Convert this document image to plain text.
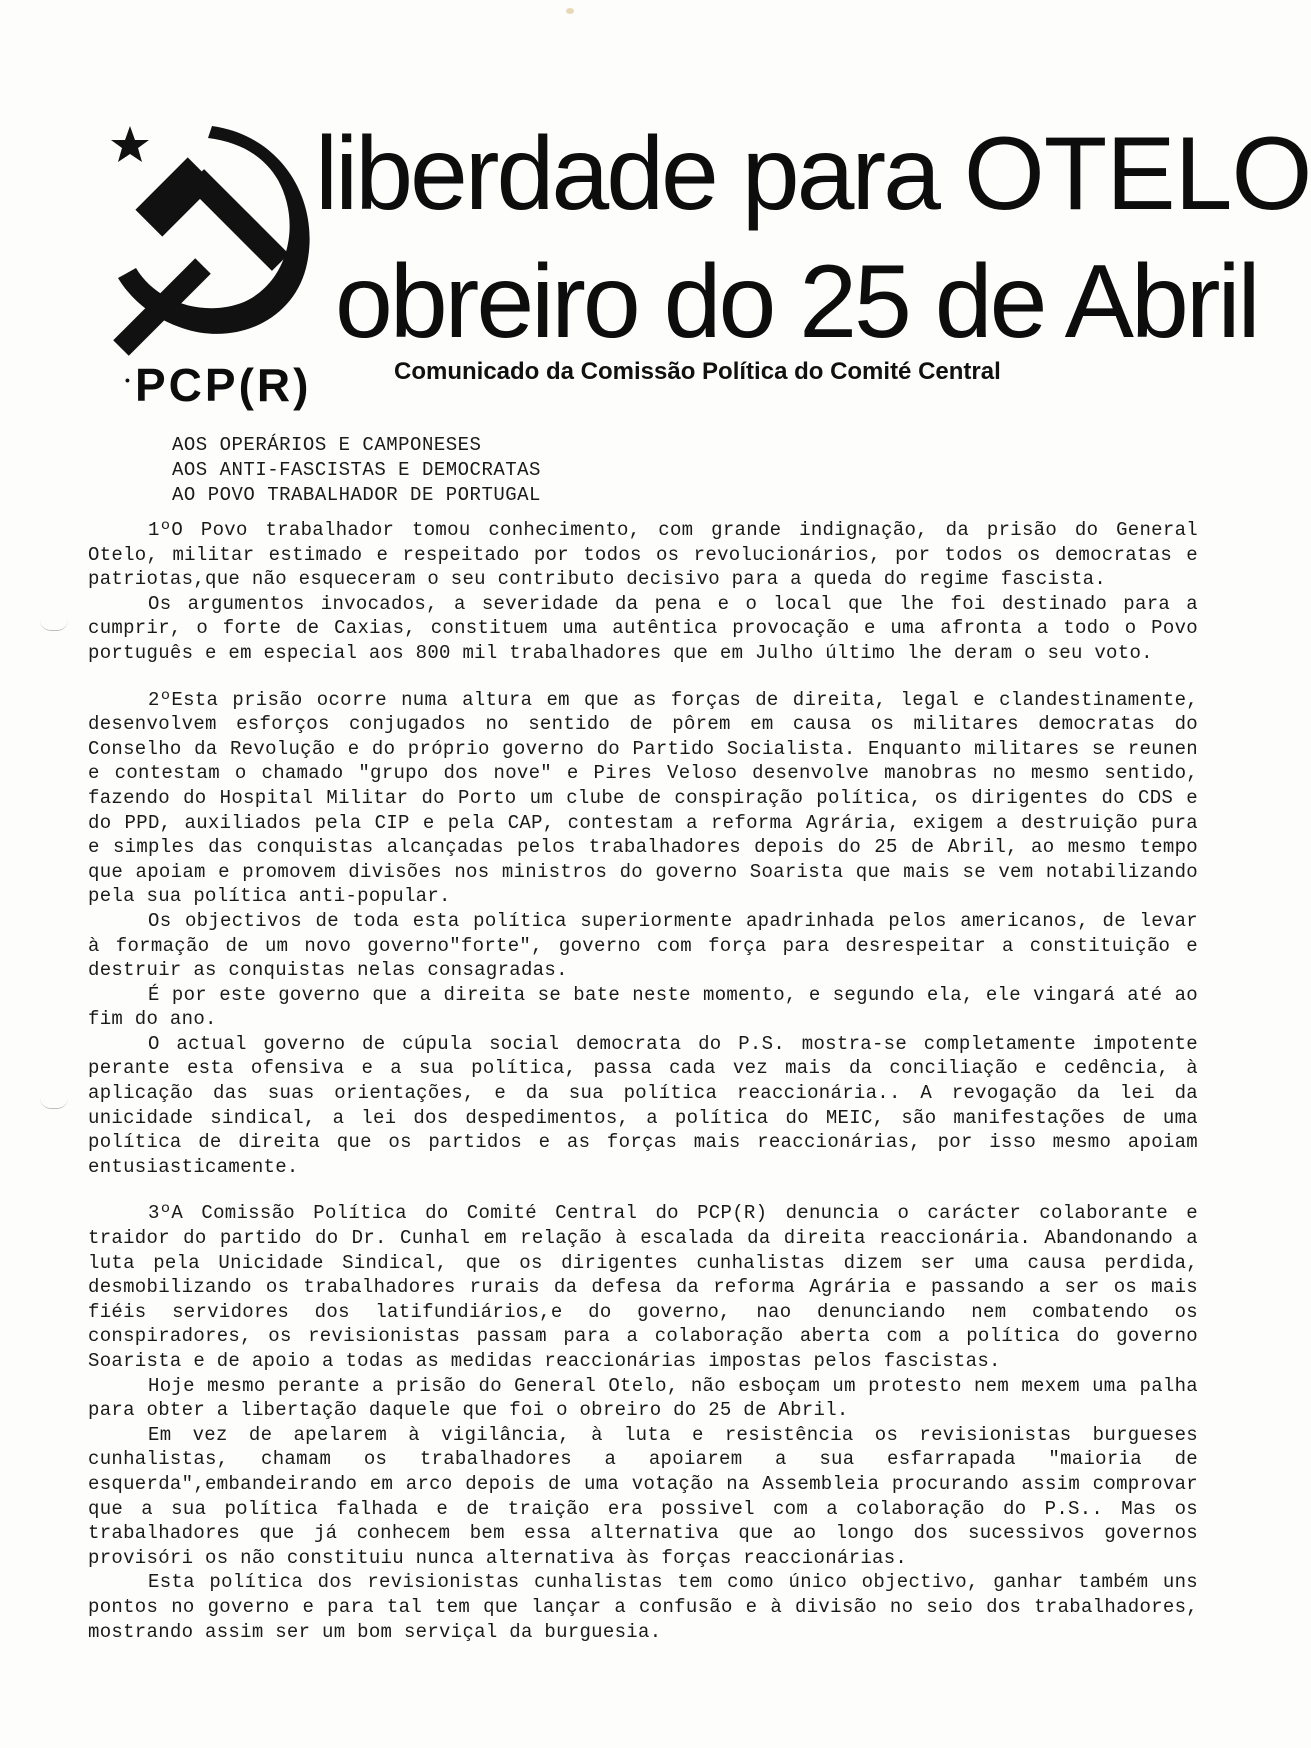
liberdade para OTELO
obreiro do 25 de Abril
• PCP(R)	Comunicado da Comissão Política do Comité Central
AOS OPERÁRIOS E CAMPONESES
AOS ANTI-FASCISTAS E DEMOCRATAS
AO POVO TRABALHADOR DE PORTUGAL

1ºO Povo trabalhador tomou conhecimento, com grande indignação, da prisão do General Otelo, militar estimado e respeitado por todos os revolucionários, por todos os democratas e patriotas,que não esqueceram o seu contributo decisivo para a queda do regime fascista.

Os argumentos invocados, a severidade da pena e o local que lhe foi destinado para a cumprir, o forte de Caxias, constituem uma autêntica provocação e uma afronta a todo o Povo português e em especial aos 800 mil trabalhadores que em Julho último lhe deram o seu voto.

2ºEsta prisão ocorre numa altura em que as forças de direita, legal e clandestinamente, desenvolvem esforços conjugados no sentido de pôrem em causa os militares democratas do Conselho da Revolução e do próprio governo do Partido Socialista. Enquanto militares se reunen e contestam o chamado "grupo dos nove" e Pires Veloso desenvolve manobras no mesmo sentido, fazendo do Hospital Militar do Porto um clube de conspiração política, os dirigentes do CDS e do PPD, auxiliados pela CIP e pela CAP, contestam a reforma Agrária, exigem a destruição pura e simples das conquistas alcançadas pelos trabalhadores depois do 25 de Abril, ao mesmo tempo que apoiam e promovem divisões nos ministros do governo Soarista que mais se vem notabilizando pela sua política anti-popular.

Os objectivos de toda esta política superiormente apadrinhada pelos americanos, de levar à formação de um novo governo"forte", governo com força para desrespeitar a constituição e destruir as conquistas nelas consagradas.

É por este governo que a direita se bate neste momento, e segundo ela, ele vingará até ao fim do ano.

O actual governo de cúpula social democrata do P.S. mostra-se completamente impotente perante esta ofensiva e a sua política, passa cada vez mais da conciliação e cedência, à aplicação das suas orientações, e da sua política reaccionária.. A revogação da lei da unicidade sindical, a lei dos despedimentos, a política do MEIC, são manifestações de uma política de direita que os partidos e as forças mais reaccionárias, por isso mesmo apoiam entusiasticamente.

3ºA Comissão Política do Comité Central do PCP(R) denuncia o carácter colaborante e traidor do partido do Dr. Cunhal em relação à escalada da direita reaccionária. Abandonando a luta pela Unicidade Sindical, que os dirigentes cunhalistas dizem ser uma causa perdida, desmobilizando os trabalhadores rurais da defesa da reforma Agrária e passando a ser os mais fiéis servidores dos latifundiários,e do governo, nao denunciando nem combatendo os conspiradores, os revisionistas passam para a colaboração aberta com a política do governo Soarista e de apoio a todas as medidas reaccionárias impostas pelos fascistas.

Hoje mesmo perante a prisão do General Otelo, não esboçam um protesto nem mexem uma palha para obter a libertação daquele que foi o obreiro do 25 de Abril.

Em vez de apelarem à vigilância, à luta e resistência os revisionistas burgueses cunhalistas, chamam os trabalhadores a apoiarem a sua esfarrapada "maioria de esquerda",embandeirando em arco depois de uma votação na Assembleia procurando assim comprovar que a sua política falhada e de traição era possivel com a colaboração do P.S.. Mas os trabalhadores que já conhecem bem essa alternativa que ao longo dos sucessivos governos provisóri os não constituiu nunca alternativa às forças reaccionárias.

Esta política dos revisionistas cunhalistas tem como único objectivo, ganhar também uns pontos no governo e para tal tem que lançar a confusão e à divisão no seio dos trabalhadores, mostrando assim ser um bom serviçal da burguesia.
